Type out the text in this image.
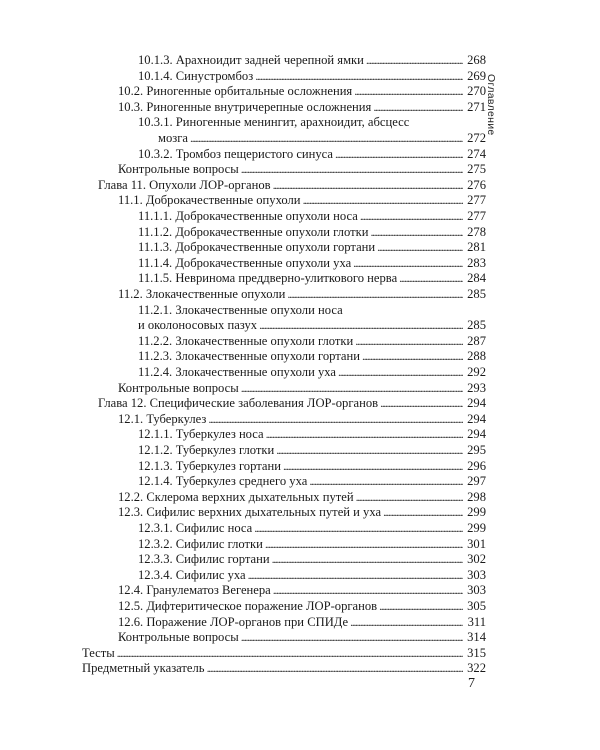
Оглавление
10.1.3. Арахноидит задней черепной ямки . . .	268
10.1.4. Синустромбоз . . .	269
10.2. Риногенные орбитальные осложнения . . .	270
10.3. Риногенные внутричерепные осложнения . . .	271
10.3.1. Риногенные менингит, арахноидит, абсцесс
мозга . . .	272
10.3.2. Тромбоз пещеристого синуса . . .	274
Контрольные вопросы . . .	275
Глава 11. Опухоли ЛОР-органов . . .	276
11.1. Доброкачественные опухоли . . .	277
11.1.1. Доброкачественные опухоли носа . . .	277
11.1.2. Доброкачественные опухоли глотки . . .	278
11.1.3. Доброкачественные опухоли гортани . . .	281
11.1.4. Доброкачественные опухоли уха . . .	283
11.1.5. Невринома преддверно-улиткового нерва . . .	284
11.2. Злокачественные опухоли . . .	285
11.2.1. Злокачественные опухоли носа
и околоносовых пазух . . .	285
11.2.2. Злокачественные опухоли глотки . . .	287
11.2.3. Злокачественные опухоли гортани . . .	288
11.2.4. Злокачественные опухоли уха . . .	292
Контрольные вопросы . . .	293
Глава 12. Специфические заболевания ЛОР-органов . . .	294
12.1. Туберкулез . . .	294
12.1.1. Туберкулез носа . . .	294
12.1.2. Туберкулез глотки . . .	295
12.1.3. Туберкулез гортани . . .	296
12.1.4. Туберкулез среднего уха . . .	297
12.2. Склерома верхних дыхательных путей . . .	298
12.3. Сифилис верхних дыхательных путей и уха . . .	299
12.3.1. Сифилис носа . . .	299
12.3.2. Сифилис глотки . . .	301
12.3.3. Сифилис гортани . . .	302
12.3.4. Сифилис уха . . .	303
12.4. Гранулематоз Вегенера . . .	303
12.5. Дифтеритическое поражение ЛОР-органов . . .	305
12.6. Поражение ЛОР-органов при СПИДе . . .	311
Контрольные вопросы . . .	314
Тесты . . .	315
Предметный указатель . . .	322
7
